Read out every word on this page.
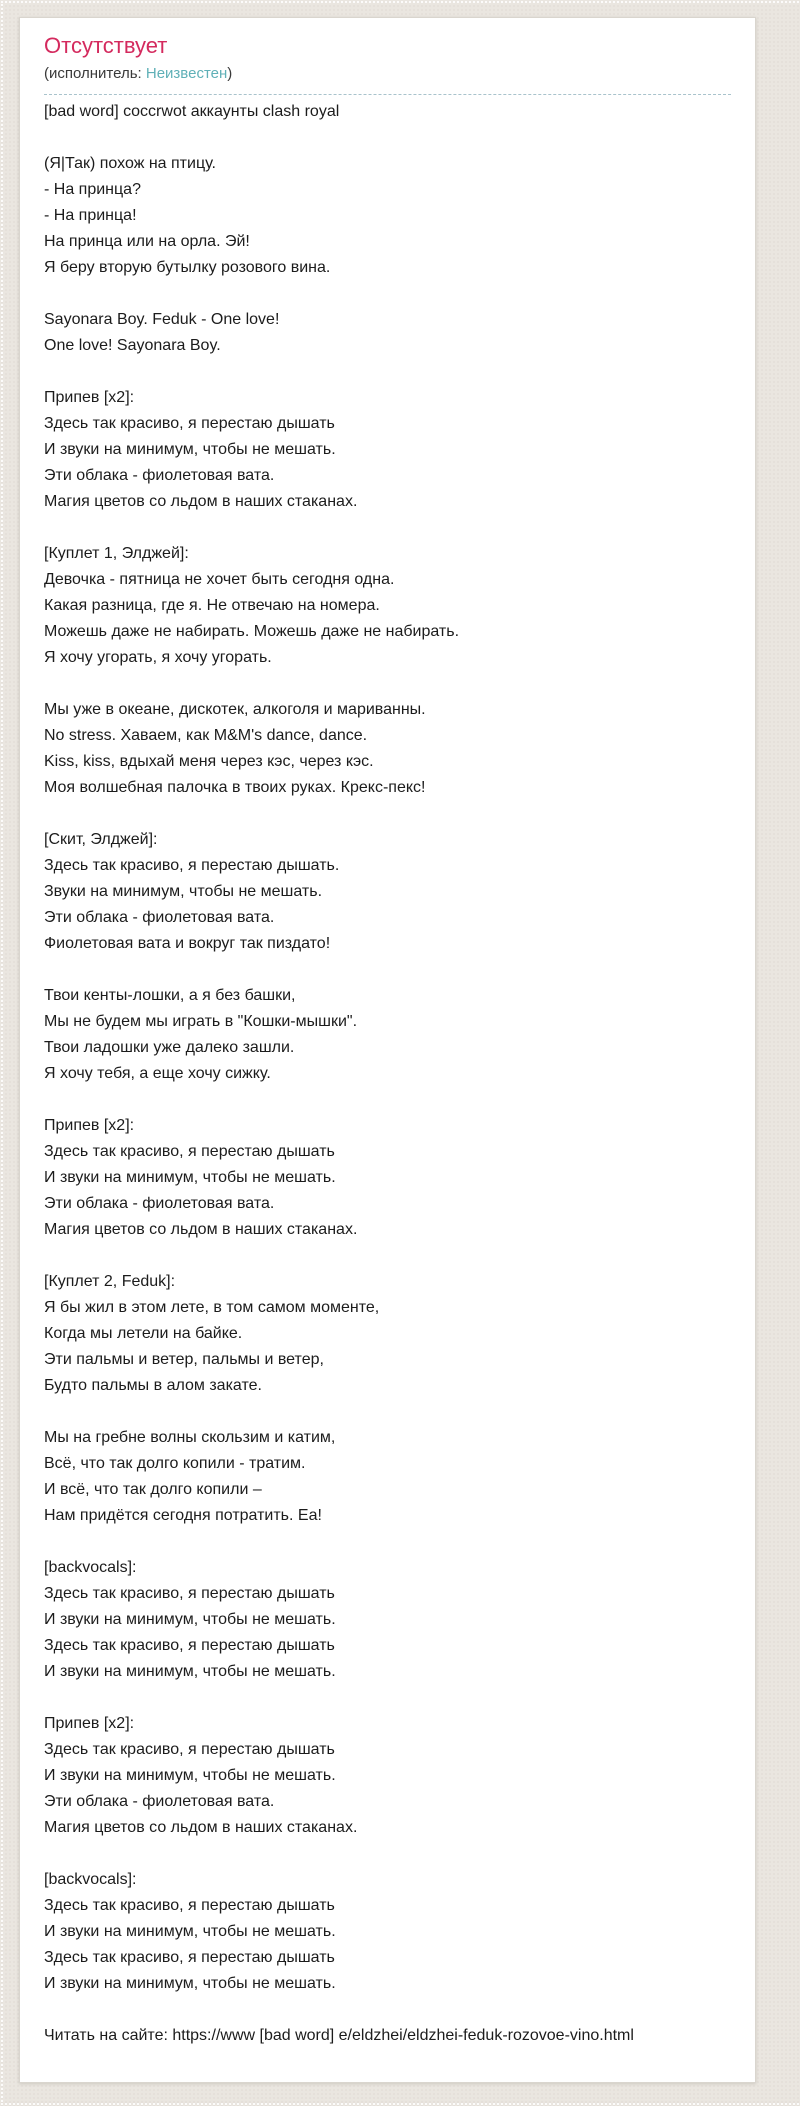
Отсутствует
(исполнитель: Неизвестен)

[bad word] coccrwot аккаунты clash royal

(Я|Так) похож на птицу.
- На принца?
- На принца!
На принца или на орла. Эй!
Я беру вторую бутылку розового вина.

Sayonara Boy. Feduk - One love!
One love! Sayonara Boy.

Припев [x2]:
Здесь так красиво, я перестаю дышать
И звуки на минимум, чтобы не мешать.
Эти облака - фиолетовая вата.
Магия цветов со льдом в наших стаканах.

[Куплет 1, Элджей]:
Девочка - пятница не хочет быть сегодня одна.
Какая разница, где я. Не отвечаю на номера.
Можешь даже не набирать. Можешь даже не набирать.
Я хочу угорать, я хочу угорать.

Мы уже в океане, дискотек, алкоголя и мариванны.
No stress. Хаваем, как M&M's dance, dance.
Kiss, kiss, вдыхай меня через кэс, через кэс.
Моя волшебная палочка в твоих руках. Крекс-пекс!

[Скит, Элджей]:
Здесь так красиво, я перестаю дышать.
Звуки на минимум, чтобы не мешать.
Эти облака - фиолетовая вата.
Фиолетовая вата и вокруг так пиздато!

Твои кенты-лошки, а я без башки,
Мы не будем мы играть в "Кошки-мышки".
Твои ладошки уже далеко зашли.
Я хочу тебя, а еще хочу сижку.

Припев [x2]:
Здесь так красиво, я перестаю дышать
И звуки на минимум, чтобы не мешать.
Эти облака - фиолетовая вата.
Магия цветов со льдом в наших стаканах.

[Куплет 2, Feduk]:
Я бы жил в этом лете, в том самом моменте,
Когда мы летели на байке.
Эти пальмы и ветер, пальмы и ветер,
Будто пальмы в алом закате.

Мы на гребне волны скользим и катим,
Всё, что так долго копили - тратим.
И всё, что так долго копили –
Нам придётся сегодня потратить. Еа!

[backvocals]:
Здесь так красиво, я перестаю дышать
И звуки на минимум, чтобы не мешать.
Здесь так красиво, я перестаю дышать
И звуки на минимум, чтобы не мешать.

Припев [x2]:
Здесь так красиво, я перестаю дышать
И звуки на минимум, чтобы не мешать.
Эти облака - фиолетовая вата.
Магия цветов со льдом в наших стаканах.

[backvocals]:
Здесь так красиво, я перестаю дышать
И звуки на минимум, чтобы не мешать.
Здесь так красиво, я перестаю дышать
И звуки на минимум, чтобы не мешать.

Читать на сайте: https://www [bad word] e/eldzhei/eldzhei-feduk-rozovoe-vino.html
